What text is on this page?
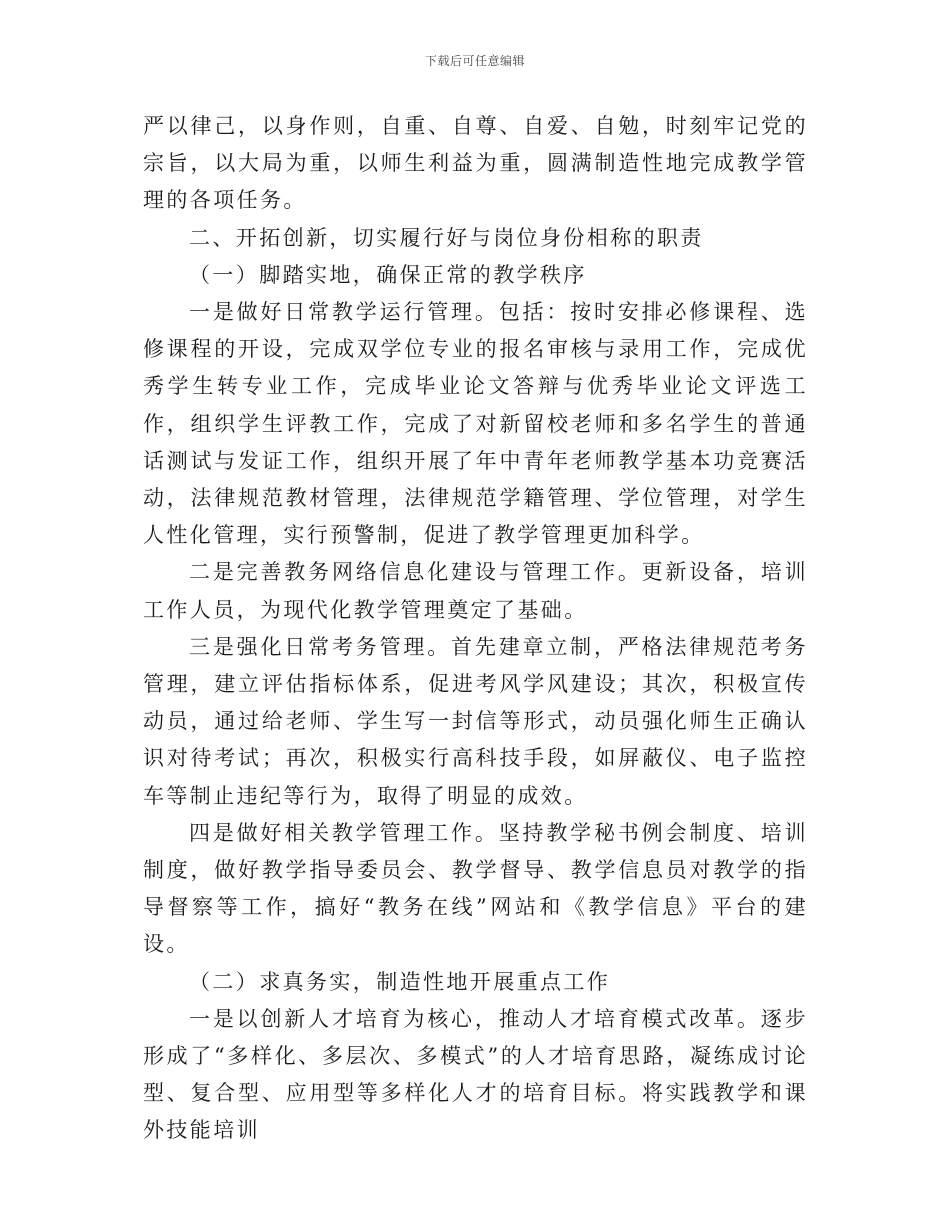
下载后可任意编辑

严以律己，以身作则，自重、自尊、自爱、自勉，时刻牢记党的宗旨，以大局为重，以师生利益为重，圆满制造性地完成教学管理的各项任务。

二、开拓创新，切实履行好与岗位身份相称的职责

（一）脚踏实地，确保正常的教学秩序

一是做好日常教学运行管理。包括：按时安排必修课程、选修课程的开设，完成双学位专业的报名审核与录用工作，完成优秀学生转专业工作，完成毕业论文答辩与优秀毕业论文评选工作，组织学生评教工作，完成了对新留校老师和多名学生的普通话测试与发证工作，组织开展了年中青年老师教学基本功竞赛活动，法律规范教材管理，法律规范学籍管理、学位管理，对学生人性化管理，实行预警制，促进了教学管理更加科学。

二是完善教务网络信息化建设与管理工作。更新设备，培训工作人员，为现代化教学管理奠定了基础。

三是强化日常考务管理。首先建章立制，严格法律规范考务管理，建立评估指标体系，促进考风学风建设；其次，积极宣传动员，通过给老师、学生写一封信等形式，动员强化师生正确认识对待考试；再次，积极实行高科技手段，如屏蔽仪、电子监控车等制止违纪等行为，取得了明显的成效。

四是做好相关教学管理工作。坚持教学秘书例会制度、培训制度，做好教学指导委员会、教学督导、教学信息员对教学的指导督察等工作，搞好“教务在线”网站和《教学信息》平台的建设。

（二）求真务实，制造性地开展重点工作

一是以创新人才培育为核心，推动人才培育模式改革。逐步形成了“多样化、多层次、多模式”的人才培育思路，凝练成讨论型、复合型、应用型等多样化人才的培育目标。将实践教学和课外技能培训
